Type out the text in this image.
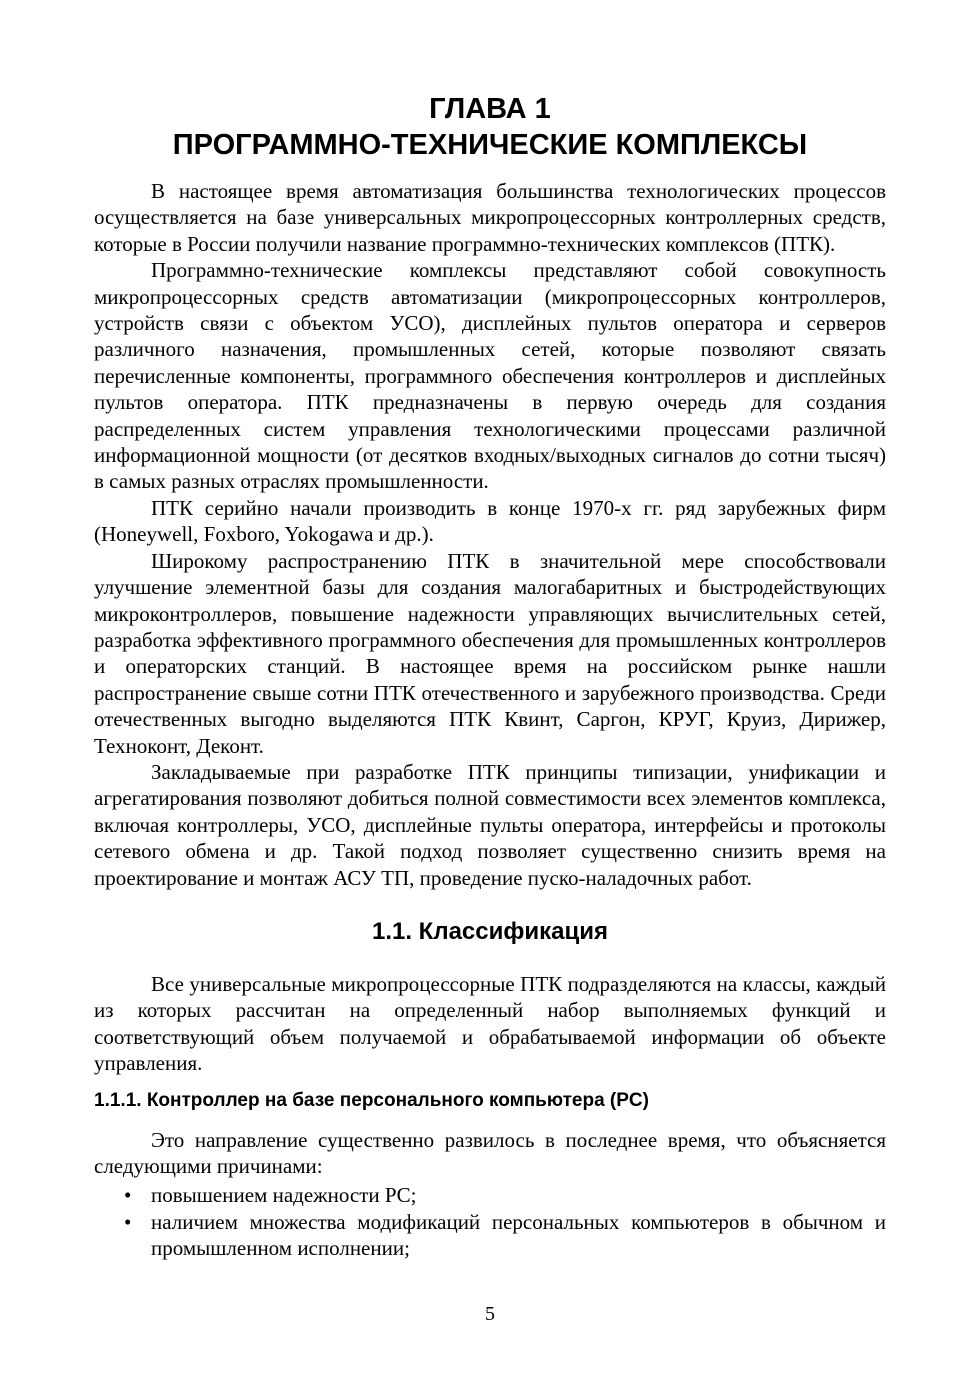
ГЛАВА 1
ПРОГРАММНО-ТЕХНИЧЕСКИЕ КОМПЛЕКСЫ

В настоящее время автоматизация большинства технологических процессов осуществляется на базе универсальных микропроцессорных контроллерных средств, которые в России получили название программно-технических комплексов (ПТК).

Программно-технические комплексы представляют собой совокупность микропроцессорных средств автоматизации (микропроцессорных контроллеров, устройств связи с объектом УСО), дисплейных пультов оператора и серверов различного назначения, промышленных сетей, которые позволяют связать перечисленные компоненты, программного обеспечения контроллеров и дисплейных пультов оператора. ПТК предназначены в первую очередь для создания распределенных систем управления технологическими процессами различной информационной мощности (от десятков входных/выходных сигналов до сотни тысяч) в самых разных отраслях промышленности.

ПТК серийно начали производить в конце 1970-х гг. ряд зарубежных фирм (Honeywell, Foxboro, Yokogawa и др.).

Широкому распространению ПТК в значительной мере способствовали улучшение элементной базы для создания малогабаритных и быстродействующих микроконтроллеров, повышение надежности управляющих вычислительных сетей, разработка эффективного программного обеспечения для промышленных контроллеров и операторских станций. В настоящее время на российском рынке нашли распространение свыше сотни ПТК отечественного и зарубежного производства. Среди отечественных выгодно выделяются ПТК Квинт, Саргон, КРУГ, Круиз, Дирижер, Техноконт, Деконт.

Закладываемые при разработке ПТК принципы типизации, унификации и агрегатирования позволяют добиться полной совместимости всех элементов комплекса, включая контроллеры, УСО, дисплейные пульты оператора, интерфейсы и протоколы сетевого обмена и др. Такой подход позволяет существенно снизить время на проектирование и монтаж АСУ ТП, проведение пуско-наладочных работ.

1.1. Классификация

Все универсальные микропроцессорные ПТК подразделяются на классы, каждый из которых рассчитан на определенный набор выполняемых функций и соответствующий объем получаемой и обрабатываемой информации об объекте управления.

1.1.1. Контроллер на базе персонального компьютера (PC)

Это направление существенно развилось в последнее время, что объясняется следующими причинами:

• повышением надежности PC;
• наличием множества модификаций персональных компьютеров в обычном и промышленном исполнении;
5
